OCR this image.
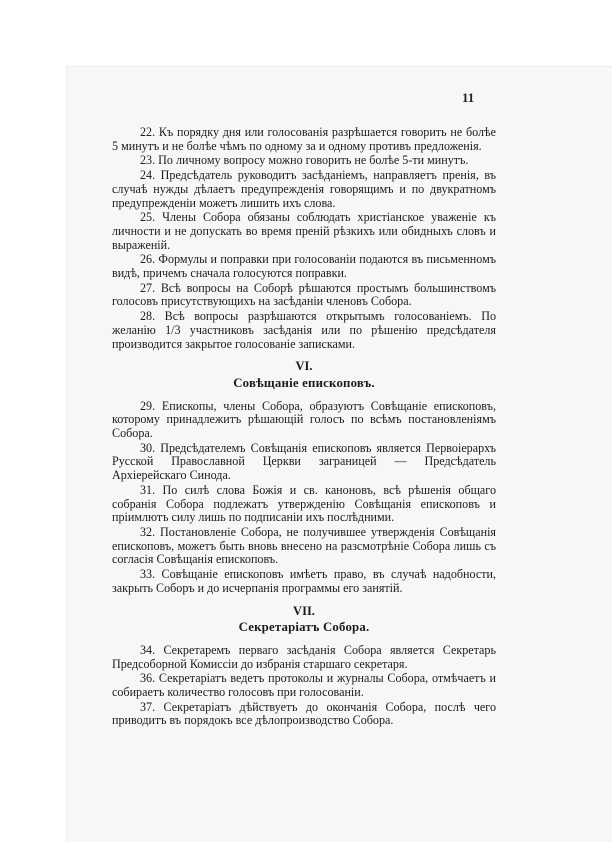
11

22. Къ порядку дня или голосованія разрѣшается говорить не болѣе 5 минутъ и не болѣе чѣмъ по одному за и одному противъ предложенія.

23. По личному вопросу можно говорить не болѣе 5-ти минутъ.

24. Предсѣдатель руководитъ засѣданіемъ, направляетъ пренія, въ случаѣ нужды дѣлаетъ предупрежденія говорящимъ и по двукратномъ предупрежденіи можетъ лишить ихъ слова.

25. Члены Собора обязаны соблюдать христіанское уваженіе къ личности и не допускать во время преній рѣзкихъ или обидныхъ словъ и выраженій.

26. Формулы и поправки при голосованіи подаются въ письменномъ видѣ, причемъ сначала голосуются поправки.

27. Всѣ вопросы на Соборѣ рѣшаются простымъ большинствомъ голосовъ присутствующихъ на засѣданіи членовъ Собора.

28. Всѣ вопросы разрѣшаются открытымъ голосованіемъ. По желанію 1/3 участниковъ засѣданія или по рѣшенію предсѣдателя производится закрытое голосованіе записками.

VI.

Совѣщаніе епископовъ.

29. Епископы, члены Собора, образуютъ Совѣщаніе епископовъ, которому принадлежитъ рѣшающій голосъ по всѣмъ постановленіямъ Собора.

30. Предсѣдателемъ Совѣщанія епископовъ является Первоіерархъ Русской Православной Церкви заграницей — Предсѣдатель Архіерейскаго Синода.

31. По силѣ слова Божія и св. каноновъ, всѣ рѣшенія общаго собранія Собора подлежатъ утвержденію Совѣщанія епископовъ и пріимлютъ силу лишь по подписаніи ихъ послѣдними.

32. Постановленіе Собора, не получившее утвержденія Совѣщанія епископовъ, можетъ быть вновь внесено на разсмотрѣніе Собора лишь съ согласія Совѣщанія епископовъ.

33. Совѣщаніе епископовъ имѣетъ право, въ случаѣ надобности, закрыть Соборъ и до исчерпанія программы его занятій.

VII.

Секретаріатъ Собора.

34. Секретаремъ перваго засѣданія Собора является Секретарь Предсоборной Комиссіи до избранія старшаго секретаря.

36. Секретаріатъ ведетъ протоколы и журналы Собора, отмѣчаетъ и собираетъ количество голосовъ при голосованіи.

37. Секретаріатъ дѣйствуетъ до окончанія Собора, послѣ чего приводитъ въ порядокъ все дѣлопроизводство Собора.
